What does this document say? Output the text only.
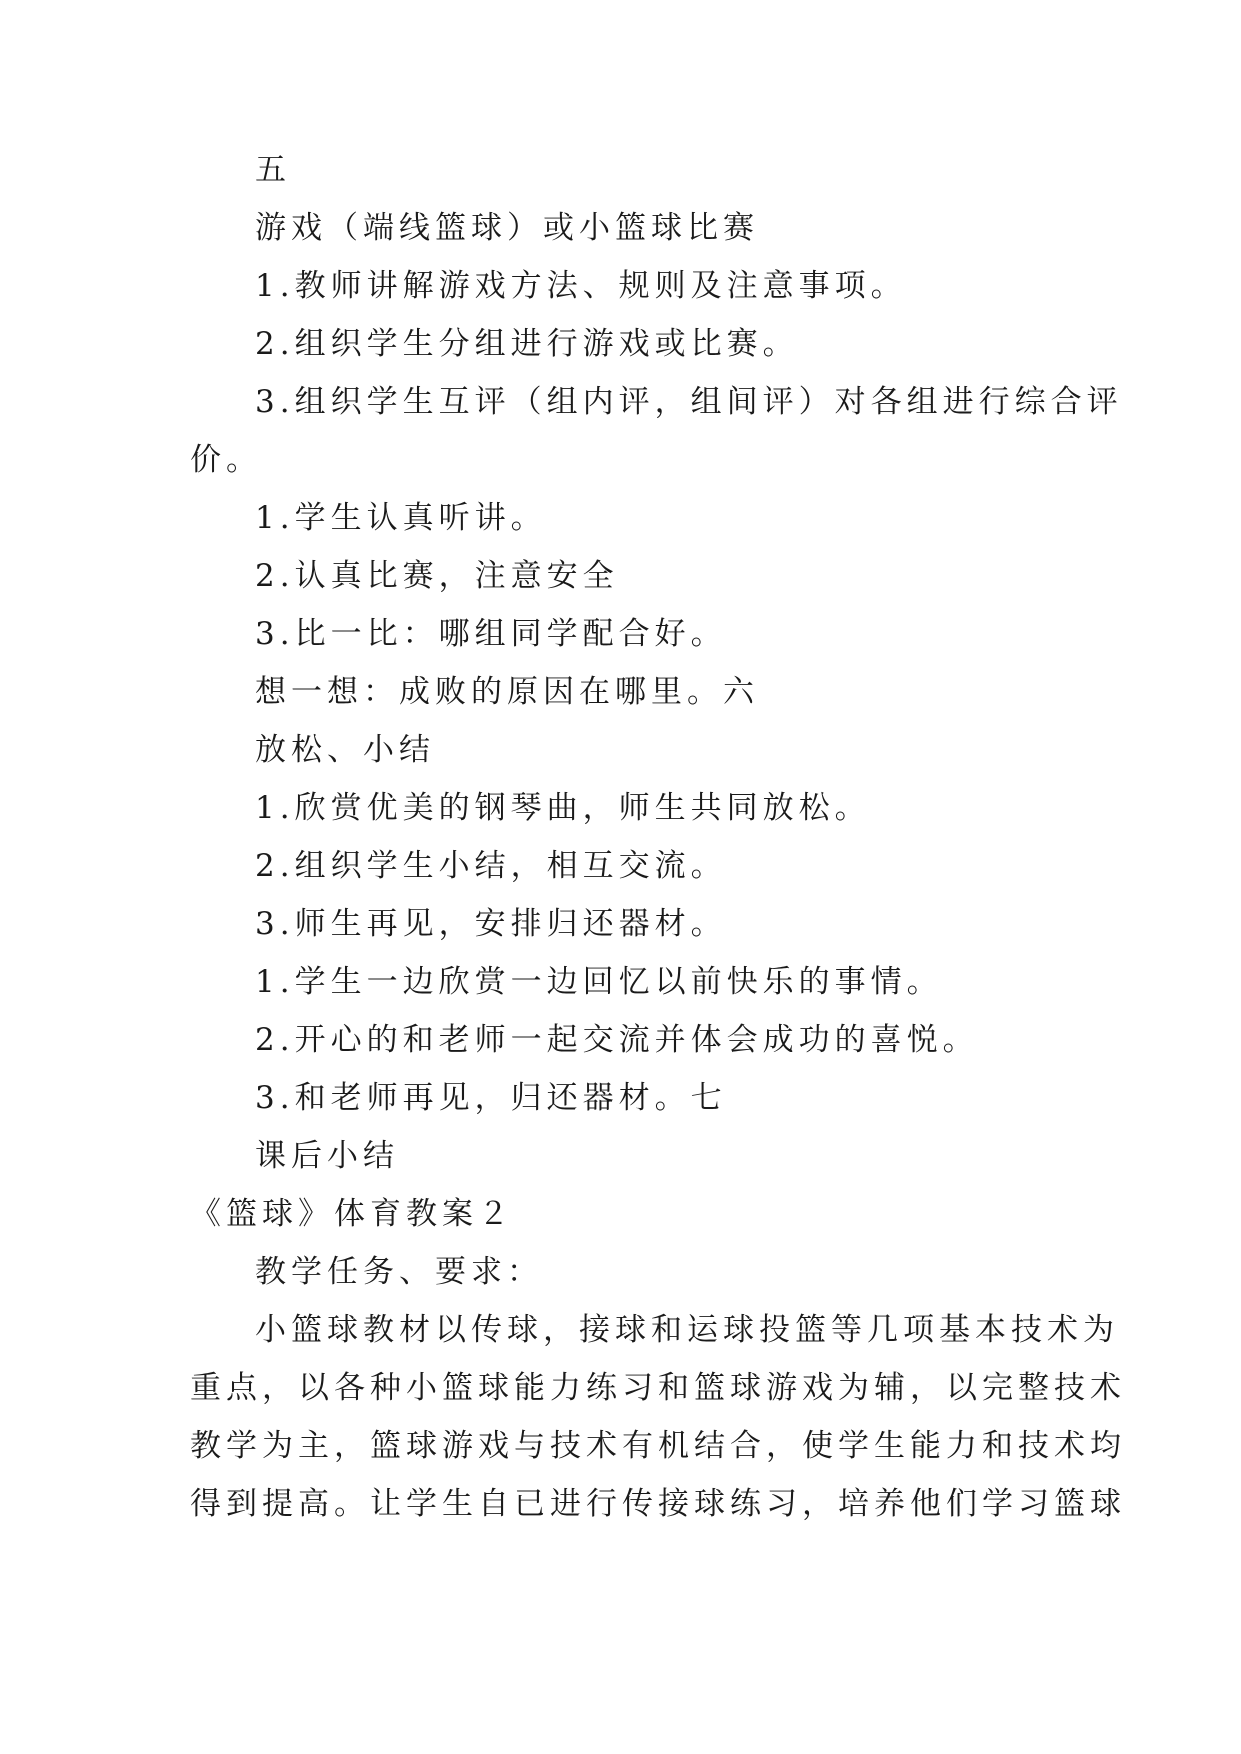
五
游戏（端线篮球）或小篮球比赛
1.教师讲解游戏方法、规则及注意事项。
2.组织学生分组进行游戏或比赛。
3.组织学生互评（组内评，组间评）对各组进行综合评
价。
1.学生认真听讲。
2.认真比赛，注意安全
3.比一比：哪组同学配合好。
想一想：成败的原因在哪里。六
放松、小结
1.欣赏优美的钢琴曲，师生共同放松。
2.组织学生小结，相互交流。
3.师生再见，安排归还器材。
1.学生一边欣赏一边回忆以前快乐的事情。
2.开心的和老师一起交流并体会成功的喜悦。
3.和老师再见，归还器材。七
课后小结
《篮球》体育教案２
教学任务、要求：
小篮球教材以传球，接球和运球投篮等几项基本技术为
重点，以各种小篮球能力练习和篮球游戏为辅，以完整技术
教学为主，篮球游戏与技术有机结合，使学生能力和技术均
得到提高。让学生自已进行传接球练习，培养他们学习篮球
